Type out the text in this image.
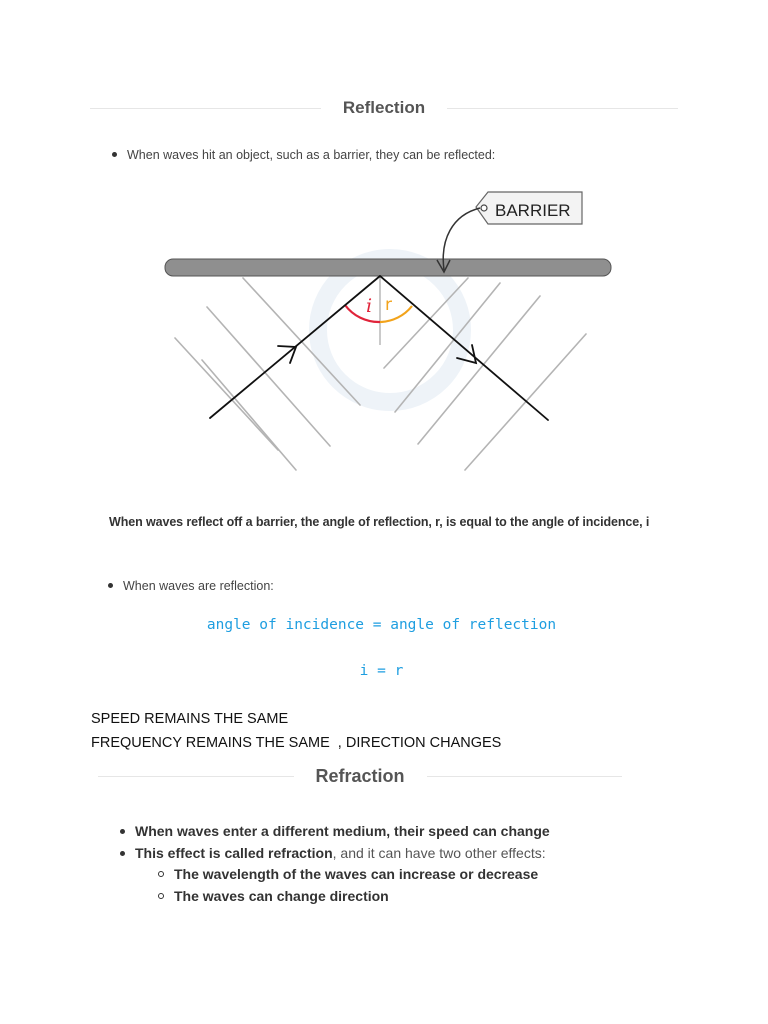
Reflection
When waves hit an object, such as a barrier, they can be reflected:
i r
BARRIER
When waves reflect off a barrier, the angle of reflection, r, is equal to the angle of incidence, i
When waves are reflection:
angle of incidence = angle of reflection
i = r
SPEED REMAINS THE SAME
FREQUENCY REMAINS THE SAME  , DIRECTION CHANGES
Refraction
When waves enter a different medium, their speed can change
This effect is called refraction, and it can have two other effects:
The wavelength of the waves can increase or decrease
The waves can change direction
